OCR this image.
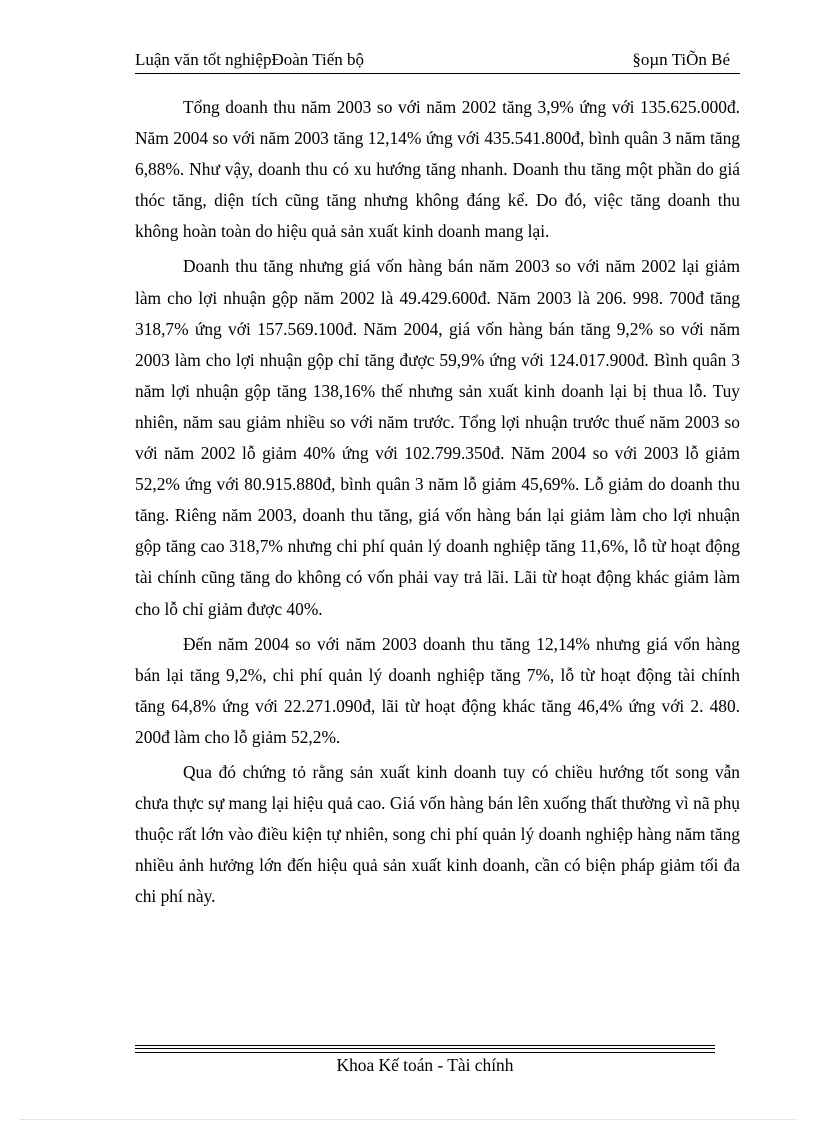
Luận văn tốt nghiệpĐoàn Tiến bộ	§oµn TiÕn Bé

Tổng doanh thu năm 2003 so với năm 2002 tăng 3,9% ứng với 135.625.000đ. Năm 2004 so với năm 2003 tăng 12,14% ứng với 435.541.800đ, bình quân 3 năm tăng 6,88%. Như vậy, doanh thu có xu hướng tăng nhanh. Doanh thu tăng một phần do giá thóc tăng, diện tích cũng tăng nhưng không đáng kể. Do đó, việc tăng doanh thu không hoàn toàn do hiệu quả sản xuất kinh doanh mang lại.

Doanh thu tăng nhưng giá vốn hàng bán năm 2003 so với năm 2002 lại giảm làm cho lợi nhuận gộp năm 2002 là 49.429.600đ. Năm 2003 là 206. 998. 700đ tăng 318,7% ứng với 157.569.100đ. Năm 2004, giá vốn hàng bán tăng 9,2% so với năm 2003 làm cho lợi nhuận gộp chỉ tăng được 59,9% ứng với 124.017.900đ. Bình quân 3 năm lợi nhuận gộp tăng 138,16% thế nhưng sản xuất kinh doanh lại bị thua lỗ. Tuy nhiên, năm sau giảm nhiều so với năm trước. Tổng lợi nhuận trước thuế năm 2003 so với năm 2002 lỗ giảm 40% ứng với 102.799.350đ. Năm 2004 so với 2003 lỗ giảm 52,2% ứng với 80.915.880đ, bình quân 3 năm lỗ giảm 45,69%. Lỗ giảm do doanh thu tăng. Riêng năm 2003, doanh thu tăng, giá vốn hàng bán lại giảm làm cho lợi nhuận gộp tăng cao 318,7% nhưng chi phí quản lý doanh nghiệp tăng 11,6%, lỗ từ hoạt động tài chính cũng tăng do không có vốn phải vay trả lãi. Lãi từ hoạt động khác giảm làm cho lỗ chỉ giảm được 40%.

Đến năm 2004 so với năm 2003 doanh thu tăng 12,14% nhưng giá vốn hàng bán lại tăng 9,2%, chi phí quản lý doanh nghiệp tăng 7%, lỗ từ hoạt động tài chính tăng 64,8% ứng với 22.271.090đ, lãi từ hoạt động khác tăng 46,4% ứng với 2. 480. 200đ làm cho lỗ giảm 52,2%.

Qua đó chứng tỏ rằng sản xuất kinh doanh tuy có chiều hướng tốt song vẫn chưa thực sự mang lại hiệu quả cao. Giá vốn hàng bán lên xuống thất thường vì nã phụ thuộc rất lớn vào điều kiện tự nhiên, song chi phí quản lý doanh nghiệp hàng năm tăng nhiều ảnh hưởng lớn đến hiệu quả sản xuất kinh doanh, cần có biện pháp giảm tối đa chi phí này.

Khoa Kế toán - Tài chính
